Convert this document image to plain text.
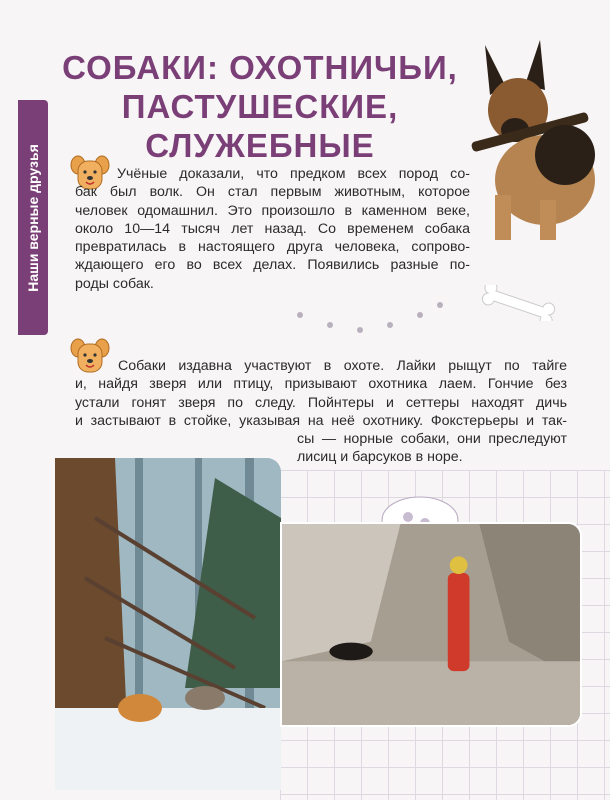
Наши верные друзья
СОБАКИ: ОХОТНИЧЬИ,
ПАСТУШЕСКИЕ,
СЛУЖЕБНЫЕ
Учёные доказали, что предком всех пород со-
бак был волк. Он стал первым животным, которое
человек одомашнил. Это произошло в каменном веке,
около 10—14 тысяч лет назад. Со временем собака
превратилась в настоящего друга человека, сопрово-
ждающего его во всех делах. Появились разные по-
роды собак.
Собаки издавна участвуют в охоте. Лайки рыщут по тайге
и, найдя зверя или птицу, призывают охотника лаем. Гончие без
устали гонят зверя по следу. Пойнтеры и сеттеры находят дичь
и застывают в стойке, указывая на неё охотнику. Фокстерьеры и так-
сы — норные собаки, они преследуют
лисиц и барсуков в норе.
